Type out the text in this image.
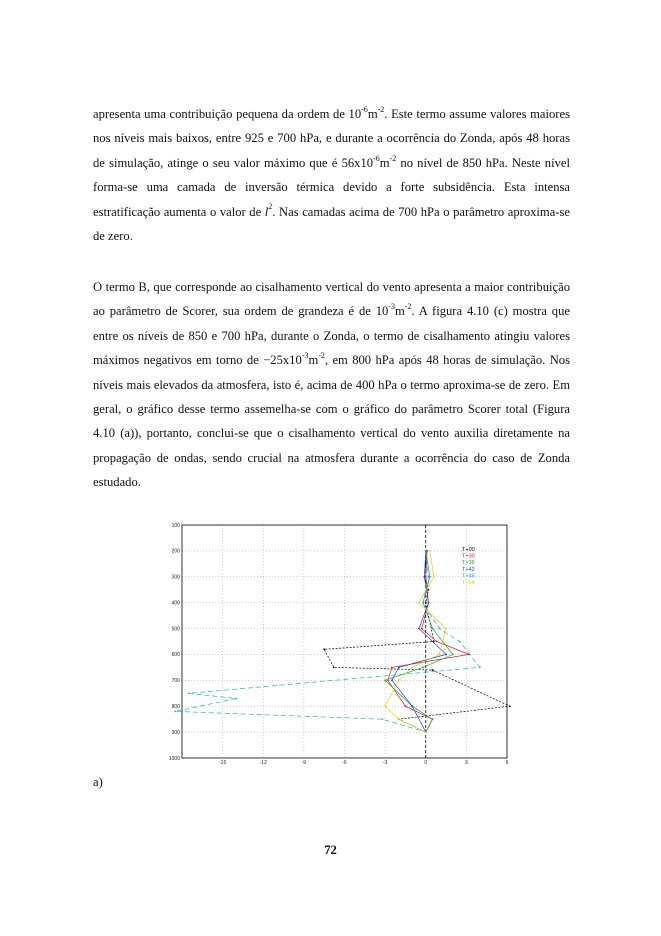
apresenta uma contribuição pequena da ordem de $10^{-6}m^{-2}$. Este termo assume valores maiores nos níveis mais baixos, entre 925 e 700 hPa, e durante a ocorrência do Zonda, após 48 horas de simulação, atinge o seu valor máximo que é $56x10^{-6}m^{-2}$ no nível de 850 hPa. Neste nível forma-se uma camada de inversão térmica devido a forte subsidência. Esta intensa estratificação aumenta o valor de $l^2$. Nas camadas acima de 700 hPa o parâmetro aproxima-se de zero.

O termo B, que corresponde ao cisalhamento vertical do vento apresenta a maior contribuição ao parâmetro de Scorer, sua ordem de grandeza é de $10^{-3}m^{-2}$. A figura 4.10 (c) mostra que entre os níveis de 850 e 700 hPa, durante o Zonda, o termo de cisalhamento atingiu valores máximos negativos em torno de $-25x10^{-3}m^{-2}$, em 800 hPa após 48 horas de simulação. Nos níveis mais elevados da atmosfera, isto é, acima de 400 hPa o termo aproxima-se de zero. Em geral, o gráfico desse termo assemelha-se com o gráfico do parâmetro Scorer total (Figura 4.10 (a)), portanto, conclui-se que o cisalhamento vertical do vento auxilia diretamente na propagação de ondas, sendo crucial na atmosfera durante a ocorrência do caso de Zonda estudado.

-15	-12	-9	-6	-3	0	3	6
100
200
300
400
500
600
700
800
900
1000
T+00
T+30
T+36
T+42
T+48
T+54
a)
72
